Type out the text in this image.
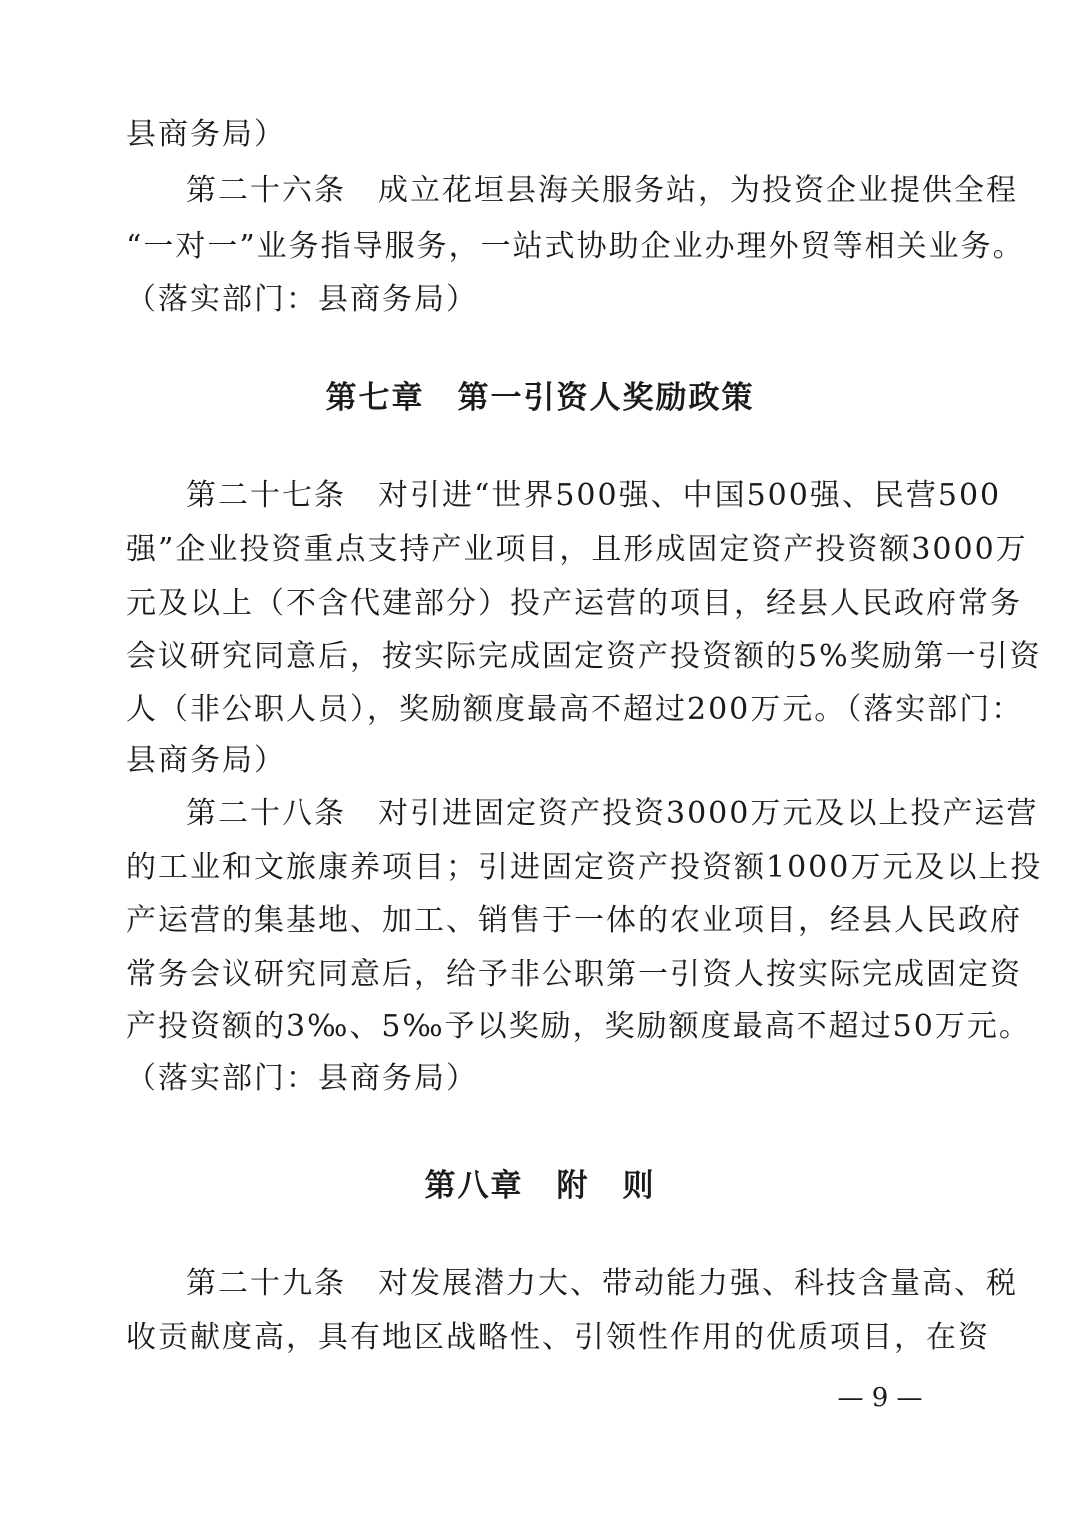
县商务局）
第二十六条　成立花垣县海关服务站，为投资企业提供全程
“一对一”业务指导服务，一站式协助企业办理外贸等相关业务。
（落实部门：县商务局）
第七章　第一引资人奖励政策
第二十七条　对引进“世界500强、中国500强、民营500
强”企业投资重点支持产业项目，且形成固定资产投资额3000万
元及以上（不含代建部分）投产运营的项目，经县人民政府常务
会议研究同意后，按实际完成固定资产投资额的5%奖励第一引资
人（非公职人员），奖励额度最高不超过200万元。（落实部门：
县商务局）
第二十八条　对引进固定资产投资3000万元及以上投产运营
的工业和文旅康养项目；引进固定资产投资额1000万元及以上投
产运营的集基地、加工、销售于一体的农业项目，经县人民政府
常务会议研究同意后，给予非公职第一引资人按实际完成固定资
产投资额的3‰、5‰予以奖励，奖励额度最高不超过50万元。
（落实部门：县商务局）
第八章　附　则
第二十九条　对发展潜力大、带动能力强、科技含量高、税
收贡献度高，具有地区战略性、引领性作用的优质项目，在资
— 9 —
